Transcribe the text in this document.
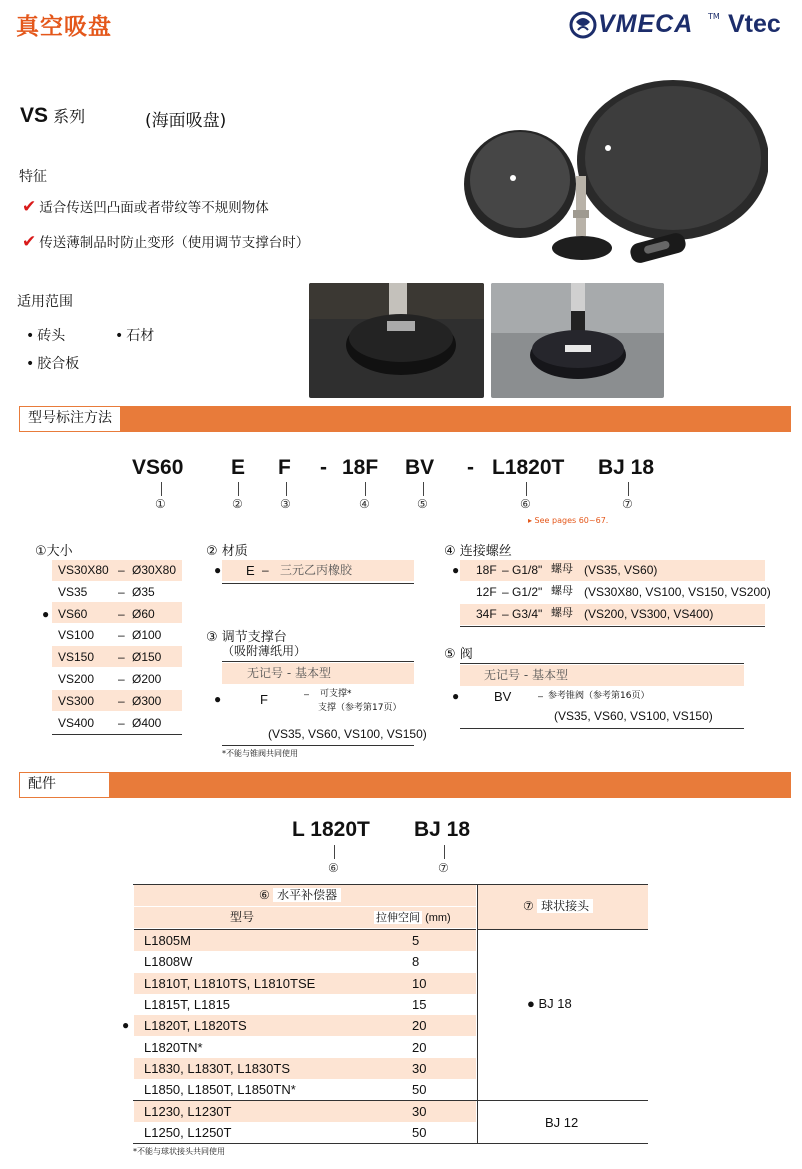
真空吸盘	VMECA TM Vtec
VS 系列	(海面吸盘)
特征
✔ 适合传送凹凸面或者带纹等不规则物体
✔ 传送薄制品时防止变形（使用调节支撑台时）
适用范围
• 砖头	• 石材
• 胶合板
型号标注方法
VS60 E F - 18F BV - L1820T BJ 18
①	②	③	④	⑤	⑥	⑦
▸ See pages 60~67.
①大小
VS30X80 – Ø30X80
VS35	– Ø35
● VS60	– Ø60
VS100 – Ø100
VS150 – Ø150
VS200 – Ø200
VS300 – Ø300
VS400 – Ø400
② 材质
● E – 三元乙丙橡胶
③ 调节支撑台
（吸附薄纸用）
无记号 - 基本型
●	F	– 可支撑*
支撑（参考第17页）
(VS35, VS60, VS100, VS150)
*不能与锥阀共同使用
④ 连接螺丝
● 18F – G1/8" 螺母 (VS35, VS60)
12F – G1/2" 螺母 (VS30X80, VS100, VS150, VS200)
34F – G3/4" 螺母 (VS200, VS300, VS400)
⑤ 阀
无记号 - 基本型
●	BV	– 参考锥阀（参考第16页）
(VS35, VS60, VS100, VS150)
配件
L 1820T BJ 18
⑥	⑦
⑥ 水平补偿器
型号	拉伸空间 (mm)
⑦ 球状接头
L1805M	5
L1808W	8
L1810T, L1810TS, L1810TSE	10
L1815T, L1815	15
● L1820T, L1820TS	20
L1820TN*	20
L1830, L1830T, L1830TS	30
L1850, L1850T, L1850TN*	50
L1230, L1230T	30
L1250, L1250T	50
● BJ 18
BJ 12
*不能与球状接头共同使用
